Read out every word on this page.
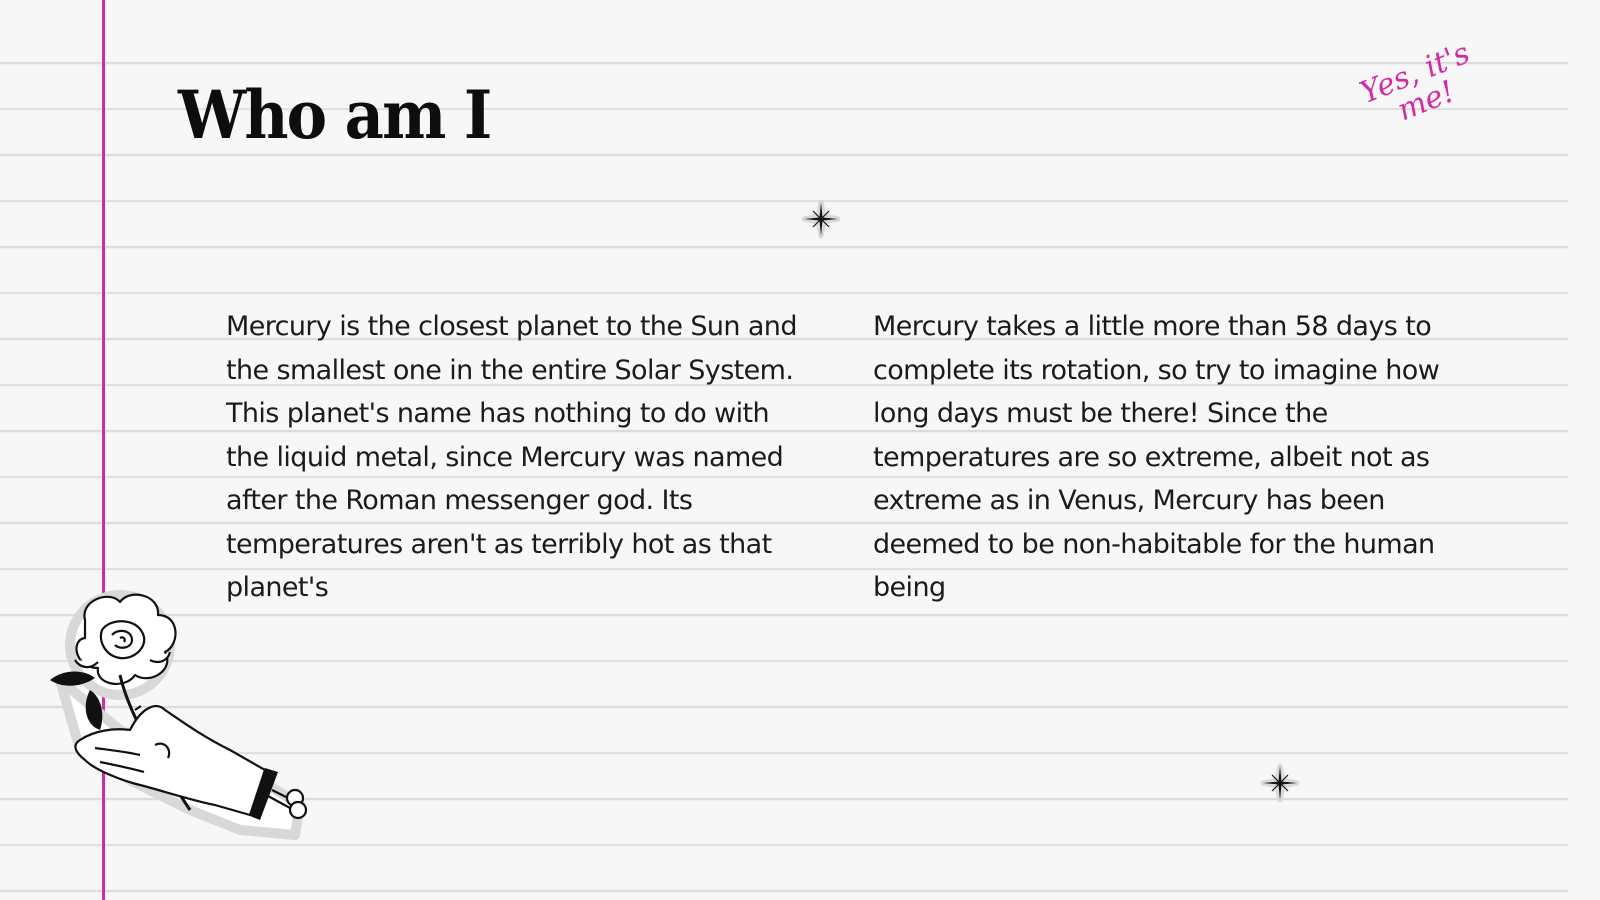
Who am I
Yes, it's me!
Mercury is the closest planet to the Sun and the smallest one in the entire Solar System. This planet's name has nothing to do with the liquid metal, since Mercury was named after the Roman messenger god. Its temperatures aren't as terribly hot as that planet's
Mercury takes a little more than 58 days to complete its rotation, so try to imagine how long days must be there! Since the temperatures are so extreme, albeit not as extreme as in Venus, Mercury has been deemed to be non-habitable for the human being
